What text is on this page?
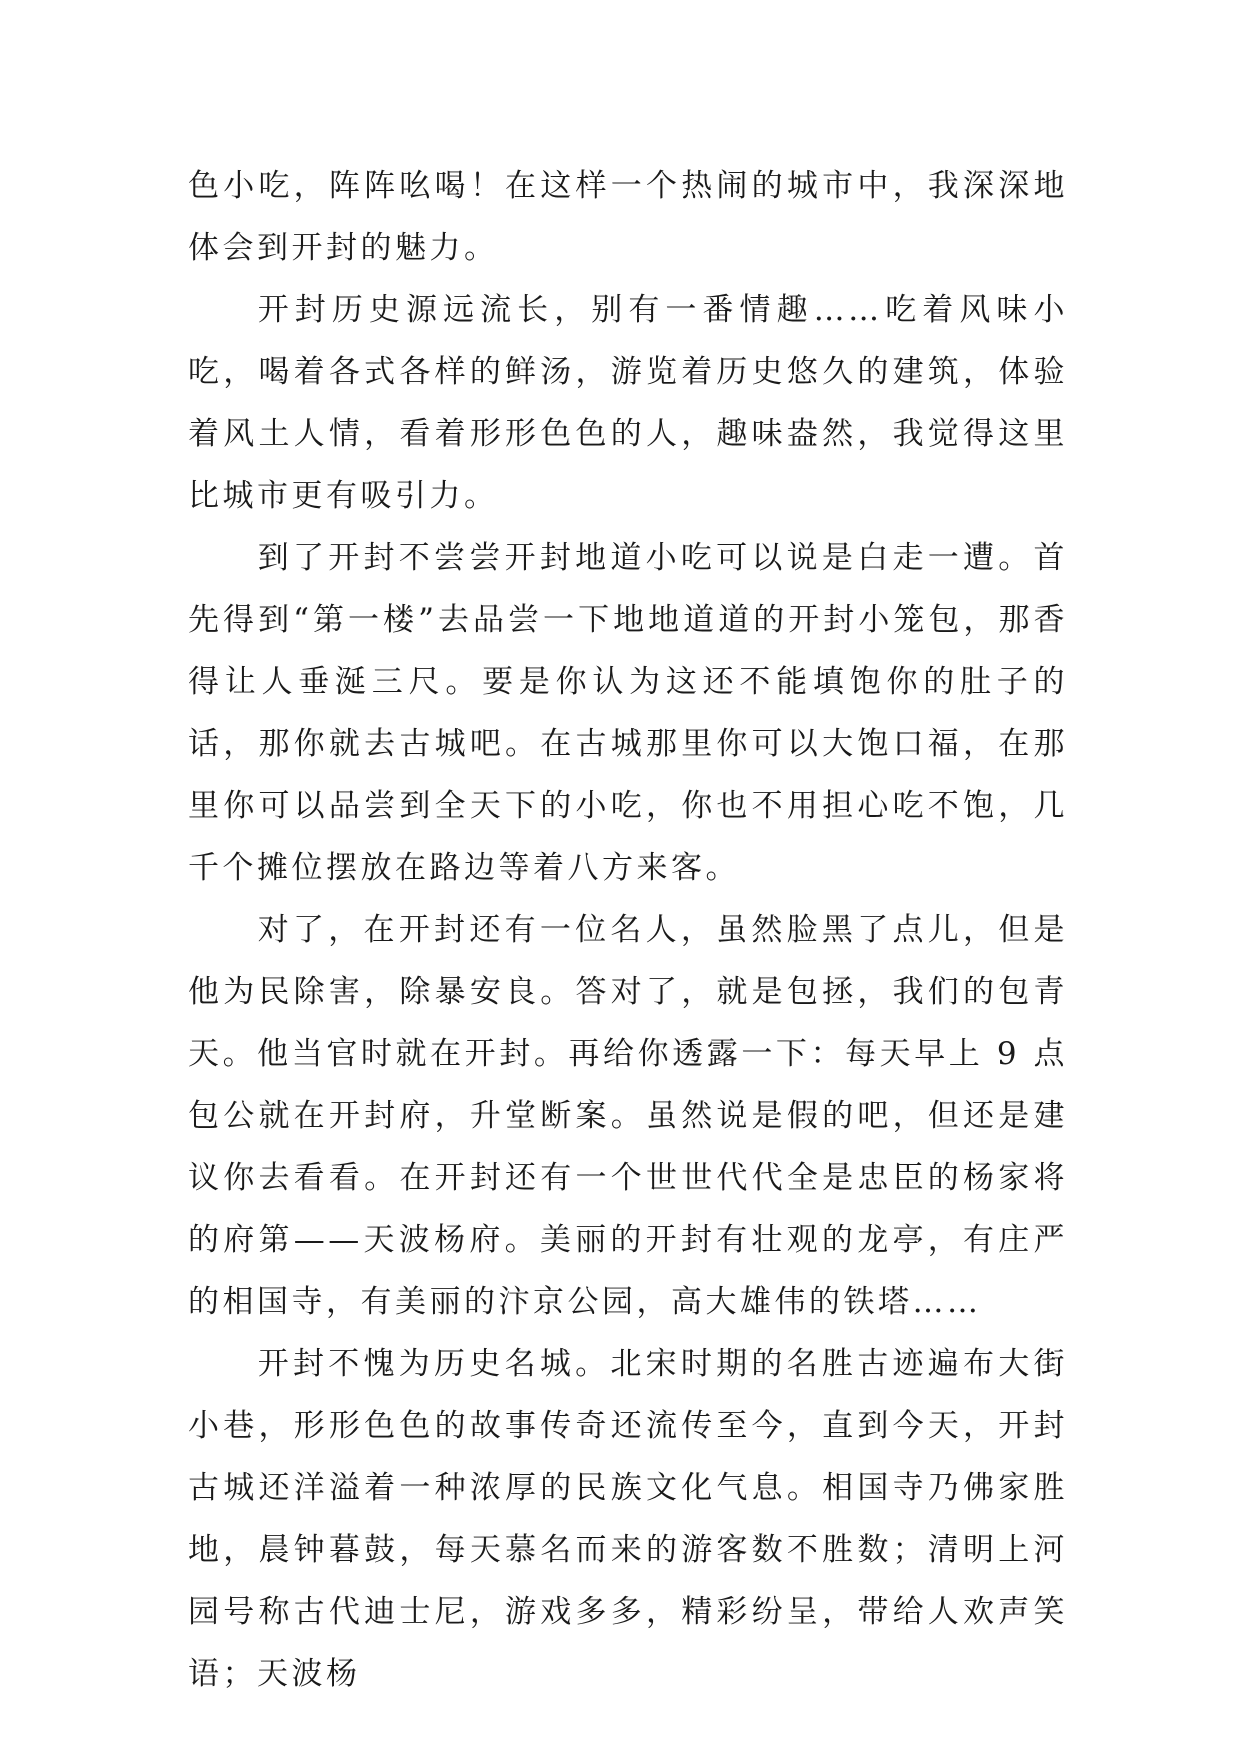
色小吃，阵阵吆喝！在这样一个热闹的城市中，我深深地体会到开封的魅力。

开封历史源远流长，别有一番情趣……吃着风味小吃，喝着各式各样的鲜汤，游览着历史悠久的建筑，体验着风土人情，看着形形色色的人，趣味盎然，我觉得这里比城市更有吸引力。

到了开封不尝尝开封地道小吃可以说是白走一遭。首先得到“第一楼”去品尝一下地地道道的开封小笼包，那香得让人垂涎三尺。要是你认为这还不能填饱你的肚子的话，那你就去古城吧。在古城那里你可以大饱口福，在那里你可以品尝到全天下的小吃，你也不用担心吃不饱，几千个摊位摆放在路边等着八方来客。

对了，在开封还有一位名人，虽然脸黑了点儿，但是他为民除害，除暴安良。答对了，就是包拯，我们的包青天。他当官时就在开封。再给你透露一下：每天早上 9 点包公就在开封府，升堂断案。虽然说是假的吧，但还是建议你去看看。在开封还有一个世世代代全是忠臣的杨家将的府第——天波杨府。美丽的开封有壮观的龙亭，有庄严的相国寺，有美丽的汴京公园，高大雄伟的铁塔……

开封不愧为历史名城。北宋时期的名胜古迹遍布大街小巷，形形色色的故事传奇还流传至今，直到今天，开封古城还洋溢着一种浓厚的民族文化气息。相国寺乃佛家胜地，晨钟暮鼓，每天慕名而来的游客数不胜数；清明上河园号称古代迪士尼，游戏多多，精彩纷呈，带给人欢声笑语；天波杨
